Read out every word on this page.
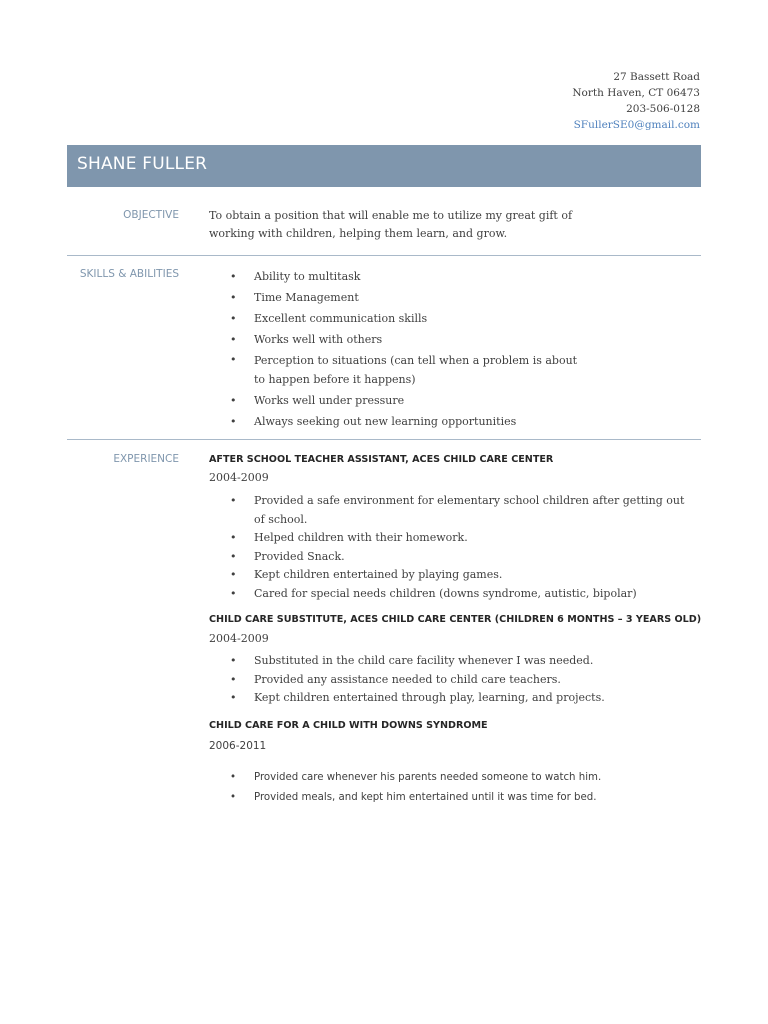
27 Bassett Road
North Haven, CT 06473
203-506-0128
SFullerSE0@gmail.com
SHANE FULLER
OBJECTIVE	To obtain a position that will enable me to utilize my great gift of working with children, helping them learn, and grow.
SKILLS & ABILITIES
•	Ability to multitask
• Time Management
• Excellent communication skills
• Works well with others
• Perception to situations (can tell when a problem is about to happen before it happens)
• Works well under pressure
• Always seeking out new learning opportunities
EXPERIENCE	AFTER SCHOOL TEACHER ASSISTANT, ACES CHILD CARE CENTER
2004-2009
• Provided a safe environment for elementary school children after getting out of school.
• Helped children with their homework.
• Provided Snack.
• Kept children entertained by playing games.
• Cared for special needs children (downs syndrome, autistic, bipolar)
CHILD CARE SUBSTITUTE, ACES CHILD CARE CENTER (CHILDREN 6 MONTHS – 3 YEARS OLD)
2004-2009
• Substituted in the child care facility whenever I was needed.
• Provided any assistance needed to child care teachers.
• Kept children entertained through play, learning, and projects.
CHILD CARE FOR A CHILD WITH DOWNS SYNDROME
2006-2011
• Provided care whenever his parents needed someone to watch him.
• Provided meals, and kept him entertained until it was time for bed.
